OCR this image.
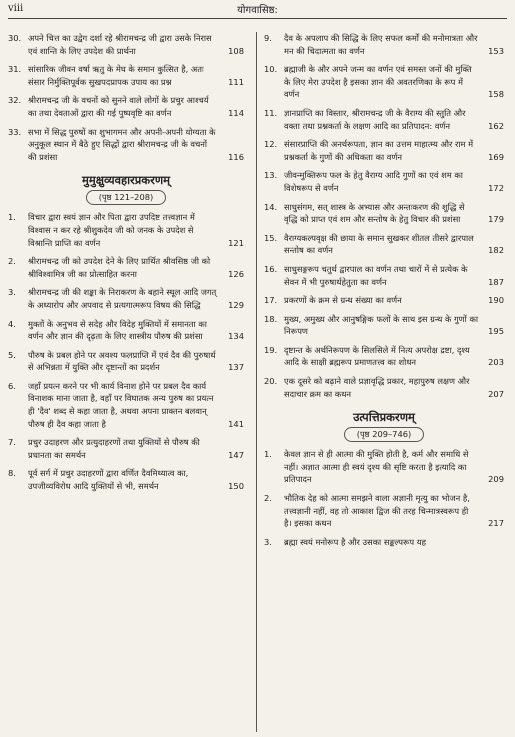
viii	योगवासिष्ठ:
30. अपने चित्त का उद्वेग दर्शा रहे श्रीरामचन्द्र जी द्वारा उसके निरास एवं शान्ति के लिए उपदेश की प्रार्थना	108
31. सांसारिक जीवन वर्षा ऋतु के मेघ के समान कुत्सित है, अतः संसार निर्मुक्तिपूर्वक सुखपदप्रापक उपाय का प्रश्न	111
32. श्रीरामचन्द्र जी के वचनों को सुनने वाले लोगों के प्रचुर आश्चर्य का तथा देवताओं द्वारा की गई पुष्पवृष्टि का वर्णन	114
33. सभा में सिद्ध पुरुषों का शुभागमन और अपनी-अपनी योग्यता के अनुकूल स्थान में बैठे हुए सिद्धों द्वारा श्रीरामचन्द्र जी के वचनों की प्रशंसा	116
मुमुक्षुव्यवहारप्रकरणम्
(पृष्ठ 121–208)
1. विचार द्वारा स्वयं ज्ञान और पिता द्वारा उपदिष्ट तत्त्वज्ञान में विश्वास न कर रहे श्रीशुकदेव जी को जनक के उपदेश से विश्रान्ति प्राप्ति का वर्णन	121
2. श्रीरामचन्द्र जी को उपदेश देने के लिए प्रार्थित श्रीवसिष्ठ जी को श्रीविश्वामित्र जी का प्रोत्साहित करना	126
3. श्रीरामचन्द्र जी की शङ्का के निराकरण के बहाने स्थूल आदि जगत् के अध्यारोप और अपवाद से प्रत्यगात्मरूप विषय की सिद्धि	129
4. मुक्तों के अनुभव से सदेह और विदेह मुक्तियों में समानता का वर्णन और ज्ञान की दृढ़ता के लिए शास्त्रीय पौरुष की प्रशंसा	134
5. पौरुष के प्रबल होने पर अवश्य फलप्राप्ति में एवं दैव की पुरुषार्थ से अभिन्नता में युक्ति और दृष्टान्तों का प्रदर्शन	137
6. जहाँ प्रयत्न करने पर भी कार्य विनाश होने पर प्रबल दैव कार्य विनाशक माना जाता है, वहाँ पर विघातक अन्य पुरुष का प्रयत्न ही 'दैव' शब्द से कहा जाता है, अथवा अपना प्राक्तन बलवान् पौरुष ही दैव कहा जाता है	141
7. प्रचुर उदाहरण और प्रत्युदाहरणों तथा युक्तियों से पौरुष की प्रधानता का समर्थन	147
8. पूर्व सर्ग में प्रचुर उदाहरणों द्वारा वर्णित दैवमिथ्यात्व का, उपजीव्यविरोध आदि युक्तियों से भी, समर्थन	150
9. दैव के अपलाप की सिद्धि के लिए सफल कर्मों की मनोमात्रता और मन की चिदात्मता का वर्णन	153
10. ब्रह्माजी के और अपने जन्म का वर्णन एवं समस्त जनों की मुक्ति के लिए मेरा उपदेश है इसका ज्ञान की अवतरणिका के रूप में वर्णन	158
11. ज्ञानप्राप्ति का विस्तार, श्रीरामचन्द्र जी के वैराग्य की स्तुति और वक्ता तथा प्रश्नकर्ता के लक्षण आदि का प्रतिपादन: वर्णन	162
12. संसारप्राप्ति की अनर्थरूपता, ज्ञान का उत्तम माहात्म्य और राम में प्रश्नकर्ता के गुणों की अधिकता का वर्णन	169
13. जीवन्मुक्तिरूप फल के हेतु वैराग्य आदि गुणों का एवं शम का विशेषरूप से वर्णन	172
14. साधुसंगम, सत् शास्त्र के अभ्यास और अन्तःकरण की शुद्धि से वृद्धि को प्राप्त एवं शम और सन्तोष के हेतु विचार की प्रशंसा	179
15. वैराग्यकल्पवृक्ष की छाया के समान सुखकर शीतल तीसरे द्वारपाल सन्तोष का वर्णन	182
16. साधुसङ्गरूप चतुर्थ द्वारपाल का वर्णन तथा चारों में से प्रत्येक के सेवन में भी पुरुषार्थहेतुता का वर्णन	187
17. प्रकरणों के क्रम से ग्रन्थ संख्या का वर्णन	190
18. मुख्य, अमुख्य और आनुषङ्गिक फलों के साथ इस ग्रन्थ के गुणों का निरूपण	195
19. दृष्टान्त के अर्थनिरूपण के सिलसिले में नित्य अपरोक्ष द्रष्टा, दृश्य आदि के साक्षी ब्रह्मरूप प्रमाणतत्त्व का शोधन	203
20. एक दूसरे को बढ़ाने वाले प्रज्ञावृद्धि प्रकार, महापुरुष लक्षण और सदाचार क्रम का कथन	207
उत्पत्तिप्रकरणम्
(पृष्ठ 209–746)
1. केवल ज्ञान से ही आत्मा की मुक्ति होती है, कर्म और समाधि से नहीं। अज्ञात आत्मा ही स्वयं दृश्य की सृष्टि करता है इत्यादि का प्रतिपादन	209
2. भौतिक देह को आत्मा समझने वाला अज्ञानी मृत्यु का भोजन है, तत्त्वज्ञानी नहीं, वह तो आकाश द्विज की तरह चिन्मात्रस्वरूप ही है। इसका कथन	217
3. ब्रह्मा स्वयं मनोरूप है और उसका सङ्कल्परूप यह
